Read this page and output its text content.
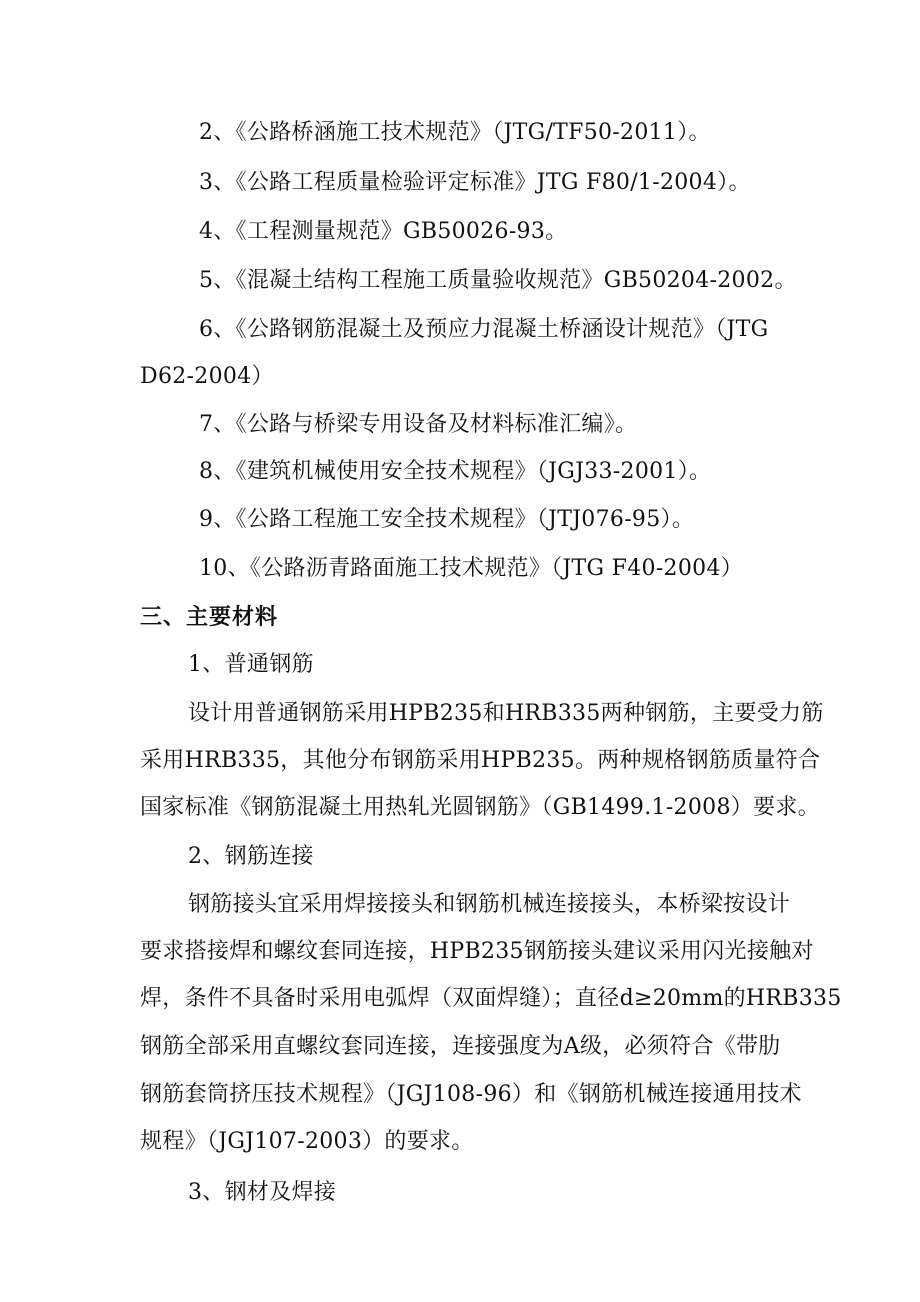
2、《公路桥涵施工技术规范》（JTG/TF50-2011）。
3、《公路工程质量检验评定标准》JTG F80/1-2004）。
4、《工程测量规范》GB50026-93。
5、《混凝土结构工程施工质量验收规范》GB50204-2002。
6、《公路钢筋混凝土及预应力混凝土桥涵设计规范》（JTG
D62-2004）
7、《公路与桥梁专用设备及材料标准汇编》。
8、《建筑机械使用安全技术规程》（JGJ33-2001）。
9、《公路工程施工安全技术规程》（JTJ076-95）。
10、《公路沥青路面施工技术规范》（JTG F40-2004）
三、主要材料
1、普通钢筋
设计用普通钢筋采用HPB235和HRB335两种钢筋，主要受力筋
采用HRB335，其他分布钢筋采用HPB235。两种规格钢筋质量符合
国家标准《钢筋混凝土用热轧光圆钢筋》（GB1499.1-2008）要求。
2、钢筋连接
钢筋接头宜采用焊接接头和钢筋机械连接接头，本桥梁按设计
要求搭接焊和螺纹套同连接，HPB235钢筋接头建议采用闪光接触对
焊，条件不具备时采用电弧焊（双面焊缝）；直径d≥20mm的HRB335
钢筋全部采用直螺纹套同连接，连接强度为A级，必须符合《带肋
钢筋套筒挤压技术规程》（JGJ108-96）和《钢筋机械连接通用技术
规程》（JGJ107-2003）的要求。
3、钢材及焊接
